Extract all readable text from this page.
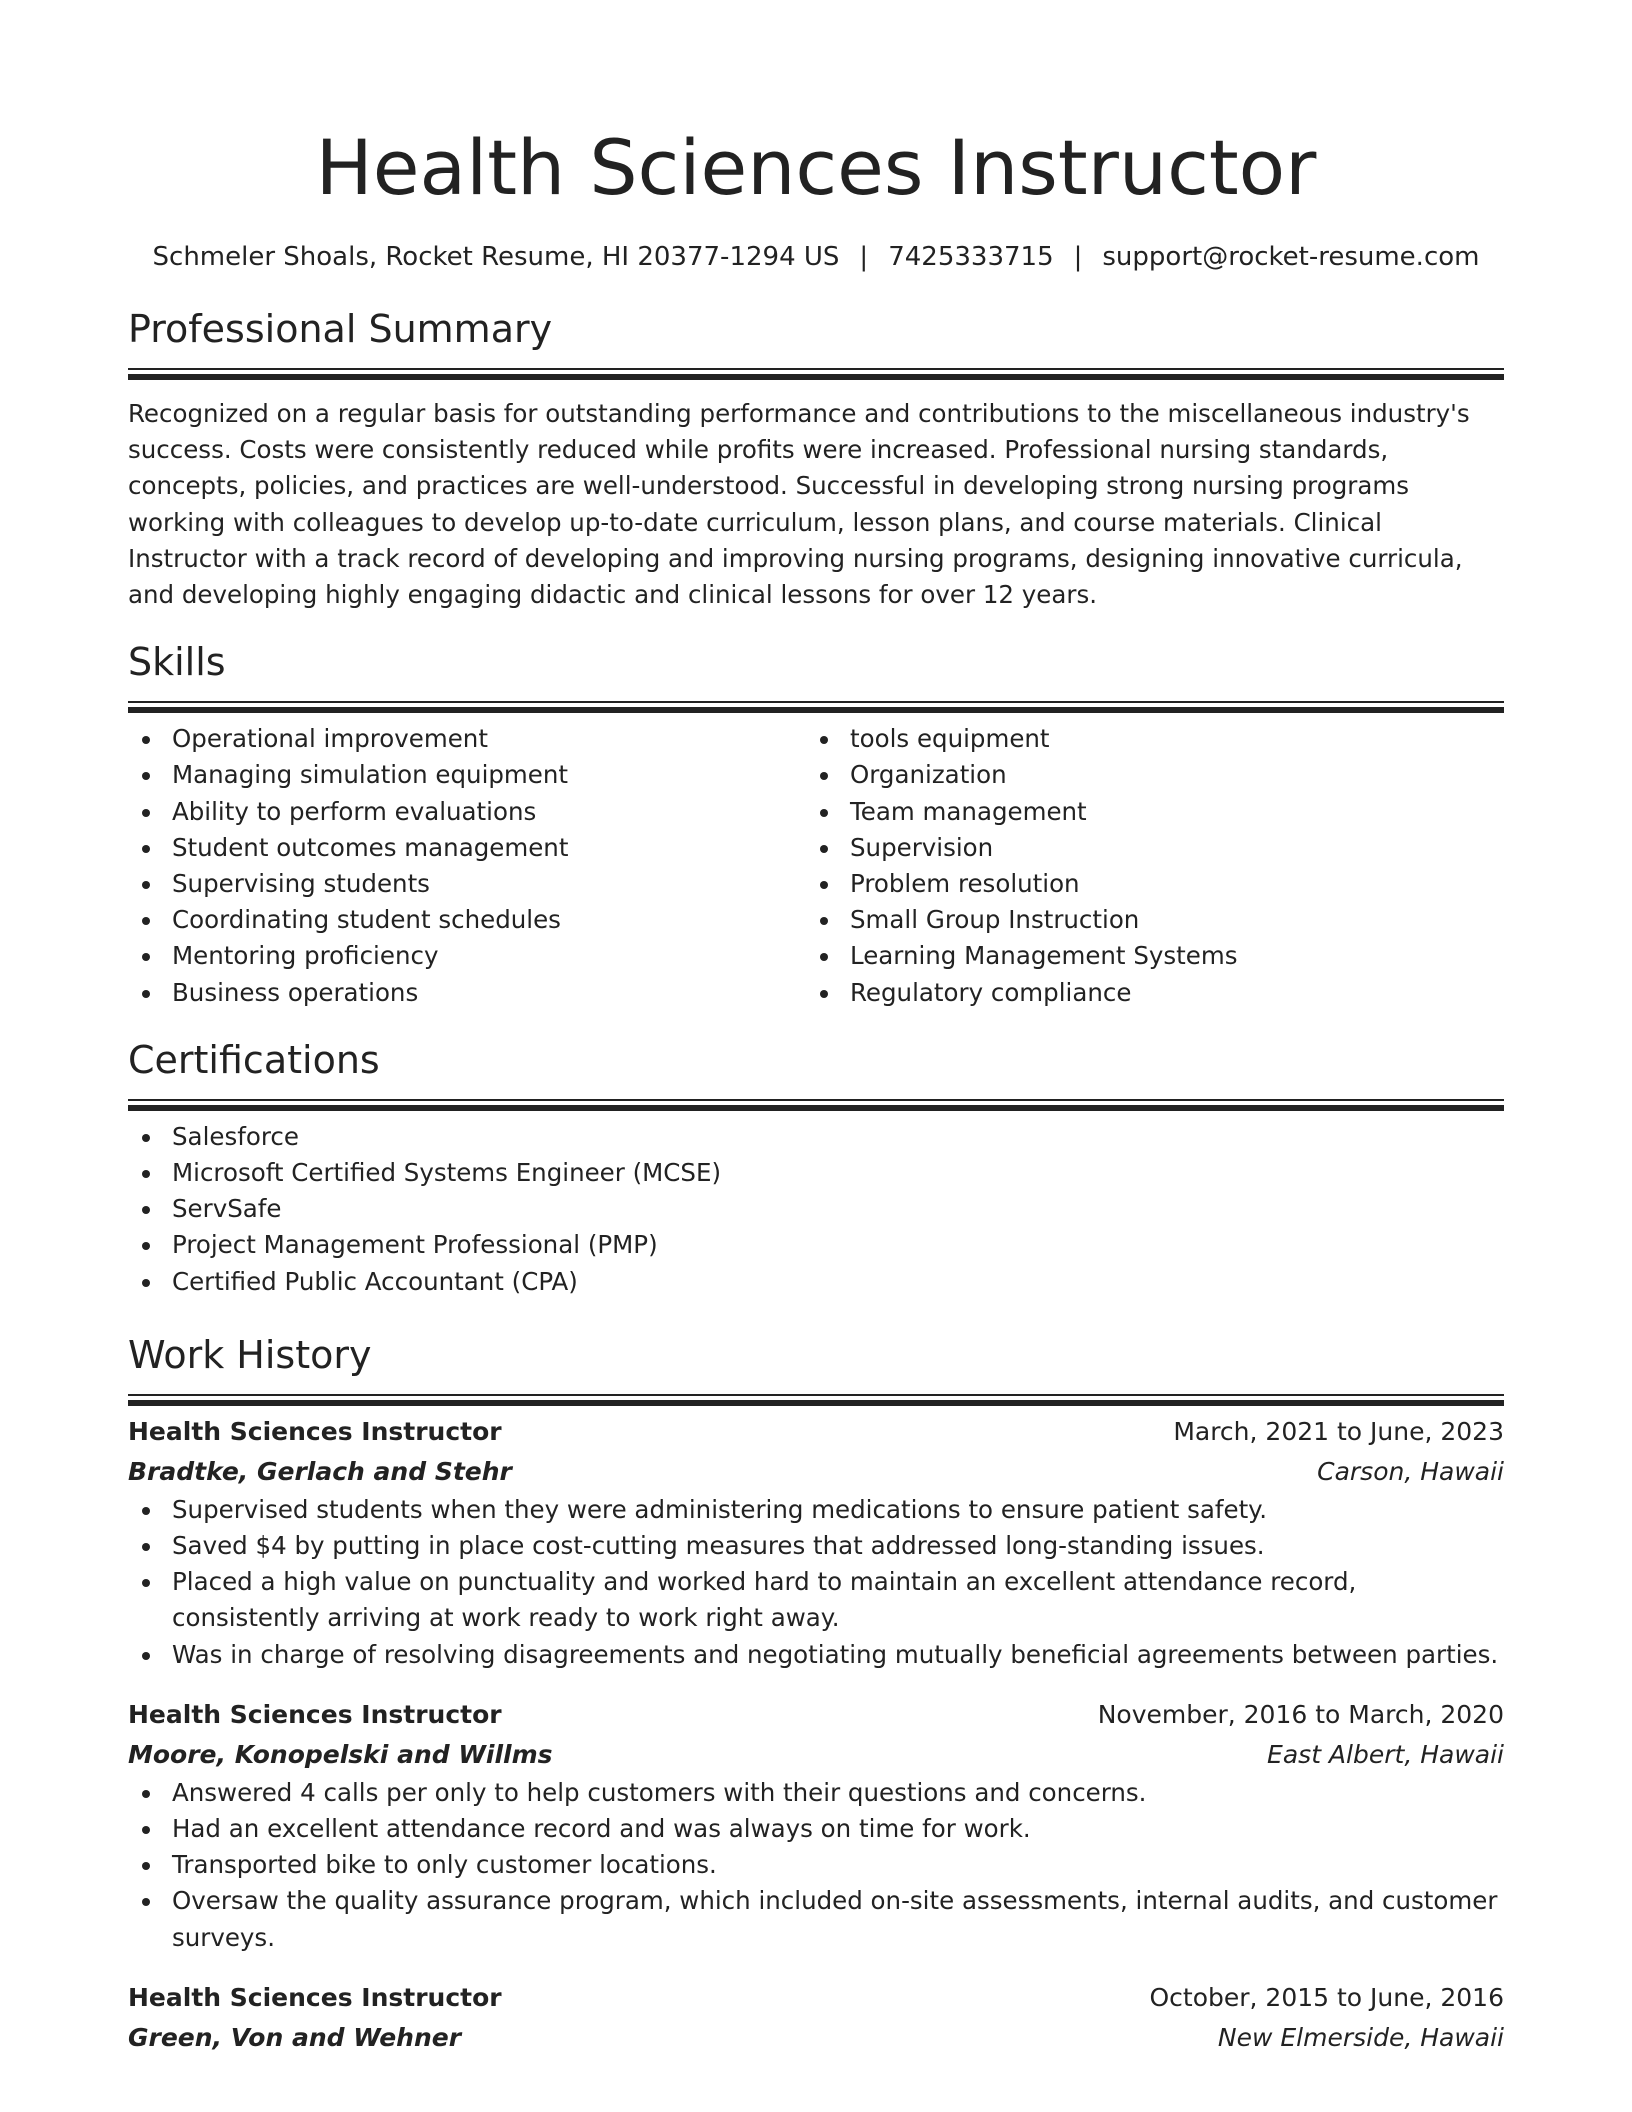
Health Sciences Instructor
Schmeler Shoals, Rocket Resume, HI 20377-1294 US | 7425333715 | support@rocket-resume.com
Professional Summary
Recognized on a regular basis for outstanding performance and contributions to the miscellaneous industry's success. Costs were consistently reduced while profits were increased. Professional nursing standards, concepts, policies, and practices are well-understood. Successful in developing strong nursing programs working with colleagues to develop up-to-date curriculum, lesson plans, and course materials. Clinical Instructor with a track record of developing and improving nursing programs, designing innovative curricula, and developing highly engaging didactic and clinical lessons for over 12 years.
Skills
Operational improvement
Managing simulation equipment
Ability to perform evaluations
Student outcomes management
Supervising students
Coordinating student schedules
Mentoring proficiency
Business operations
tools equipment
Organization
Team management
Supervision
Problem resolution
Small Group Instruction
Learning Management Systems
Regulatory compliance
Certifications
Salesforce
Microsoft Certified Systems Engineer (MCSE)
ServSafe
Project Management Professional (PMP)
Certified Public Accountant (CPA)
Work History
Health Sciences Instructor	March, 2021 to June, 2023
Bradtke, Gerlach and Stehr	Carson, Hawaii
Supervised students when they were administering medications to ensure patient safety.
Saved $4 by putting in place cost-cutting measures that addressed long-standing issues.
Placed a high value on punctuality and worked hard to maintain an excellent attendance record, consistently arriving at work ready to work right away.
Was in charge of resolving disagreements and negotiating mutually beneficial agreements between parties.
Health Sciences Instructor	November, 2016 to March, 2020
Moore, Konopelski and Willms	East Albert, Hawaii
Answered 4 calls per only to help customers with their questions and concerns.
Had an excellent attendance record and was always on time for work.
Transported bike to only customer locations.
Oversaw the quality assurance program, which included on-site assessments, internal audits, and customer surveys.
Health Sciences Instructor	October, 2015 to June, 2016
Green, Von and Wehner	New Elmerside, Hawaii
